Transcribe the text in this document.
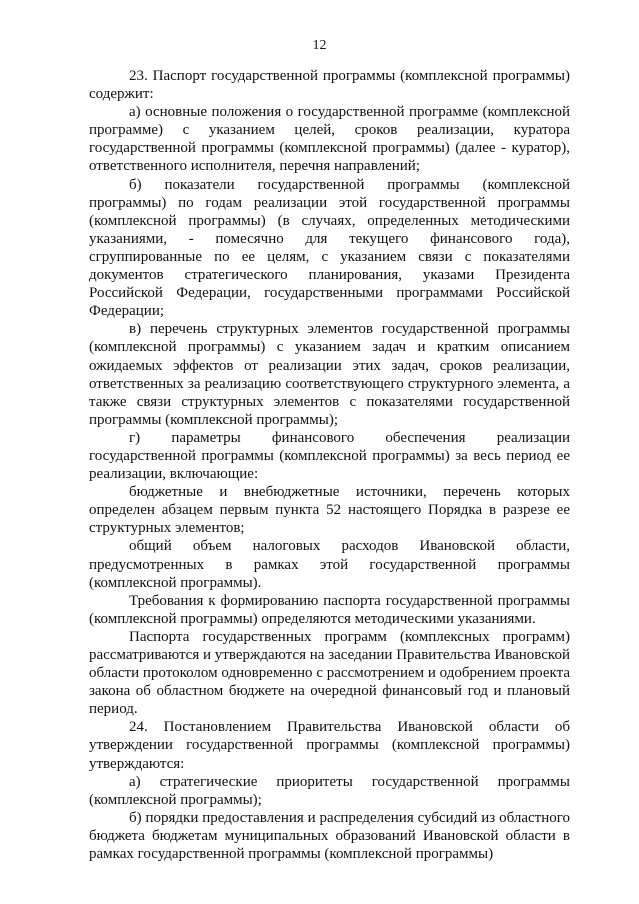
12

23. Паспорт государственной программы (комплексной программы) содержит:

а) основные положения о государственной программе (комплексной программе) с указанием целей, сроков реализации, куратора государственной программы (комплексной программы) (далее - куратор), ответственного исполнителя, перечня направлений;

б) показатели государственной программы (комплексной программы) по годам реализации этой государственной программы (комплексной программы) (в случаях, определенных методическими указаниями, - помесячно для текущего финансового года), сгруппированные по ее целям, с указанием связи с показателями документов стратегического планирования, указами Президента Российской Федерации, государственными программами Российской Федерации;

в) перечень структурных элементов государственной программы (комплексной программы) с указанием задач и кратким описанием ожидаемых эффектов от реализации этих задач, сроков реализации, ответственных за реализацию соответствующего структурного элемента, а также связи структурных элементов с показателями государственной программы (комплексной программы);

г) параметры финансового обеспечения реализации государственной программы (комплексной программы) за весь период ее реализации, включающие:

бюджетные и внебюджетные источники, перечень которых определен абзацем первым пункта 52 настоящего Порядка в разрезе ее структурных элементов;

общий объем налоговых расходов Ивановской области, предусмотренных в рамках этой государственной программы (комплексной программы).

Требования к формированию паспорта государственной программы (комплексной программы) определяются методическими указаниями.

Паспорта государственных программ (комплексных программ) рассматриваются и утверждаются на заседании Правительства Ивановской области протоколом одновременно с рассмотрением и одобрением проекта закона об областном бюджете на очередной финансовый год и плановый период.

24. Постановлением Правительства Ивановской области об утверждении государственной программы (комплексной программы) утверждаются:

а) стратегические приоритеты государственной программы (комплексной программы);

б) порядки предоставления и распределения субсидий из областного бюджета бюджетам муниципальных образований Ивановской области в рамках государственной программы (комплексной программы)
